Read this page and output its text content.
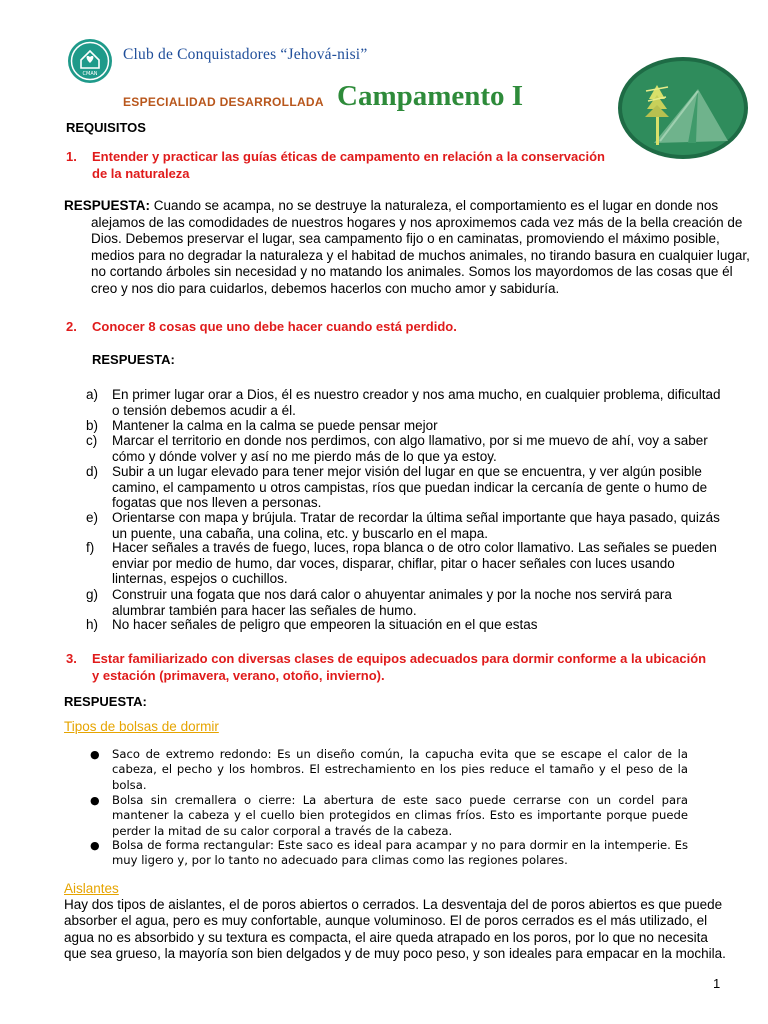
CMAN
Club de Conquistadores “Jehová-nisi”
ESPECIALIDAD DESARROLLADA Campamento I
REQUISITOS
1. Entender y practicar las guías éticas de campamento en relación a la conservación de la naturaleza
RESPUESTA: Cuando se acampa, no se destruye la naturaleza, el comportamiento es el lugar en donde nos alejamos de las comodidades de nuestros hogares y nos aproximemos cada vez más de la bella creación de Dios. Debemos preservar el lugar, sea campamento fijo o en caminatas, promoviendo el máximo posible, medios para no degradar la naturaleza y el habitad de muchos animales, no tirando basura en cualquier lugar, no cortando árboles sin necesidad y no matando los animales. Somos los mayordomos de las cosas que él creo y nos dio para cuidarlos, debemos hacerlos con mucho amor y sabiduría.
2. Conocer 8 cosas que uno debe hacer cuando está perdido.
RESPUESTA:
a) En primer lugar orar a Dios, él es nuestro creador y nos ama mucho, en cualquier problema, dificultad o tensión debemos acudir a él.
b) Mantener la calma en la calma se puede pensar mejor
c) Marcar el territorio en donde nos perdimos, con algo llamativo, por si me muevo de ahí, voy a saber cómo y dónde volver y así no me pierdo más de lo que ya estoy.
d) Subir a un lugar elevado para tener mejor visión del lugar en que se encuentra, y ver algún posible camino, el campamento u otros campistas, ríos que puedan indicar la cercanía de gente o humo de fogatas que nos lleven a personas.
e) Orientarse con mapa y brújula. Tratar de recordar la última señal importante que haya pasado, quizás un puente, una cabaña, una colina, etc. y buscarlo en el mapa.
f) Hacer señales a través de fuego, luces, ropa blanca o de otro color llamativo. Las señales se pueden enviar por medio de humo, dar voces, disparar, chiflar, pitar o hacer señales con luces usando linternas, espejos o cuchillos.
g) Construir una fogata que nos dará calor o ahuyentar animales y por la noche nos servirá para alumbrar también para hacer las señales de humo.
h) No hacer señales de peligro que empeoren la situación en el que estas
3. Estar familiarizado con diversas clases de equipos adecuados para dormir conforme a la ubicación y estación (primavera, verano, otoño, invierno).
RESPUESTA:
Tipos de bolsas de dormir
● Saco de extremo redondo: Es un diseño común, la capucha evita que se escape el calor de la cabeza, el pecho y los hombros. El estrechamiento en los pies reduce el tamaño y el peso de la bolsa.
● Bolsa sin cremallera o cierre: La abertura de este saco puede cerrarse con un cordel para mantener la cabeza y el cuello bien protegidos en climas fríos. Esto es importante porque puede perder la mitad de su calor corporal a través de la cabeza.
● Bolsa de forma rectangular: Este saco es ideal para acampar y no para dormir en la intemperie. Es muy ligero y, por lo tanto no adecuado para climas como las regiones polares.
Aislantes
Hay dos tipos de aislantes, el de poros abiertos o cerrados. La desventaja del de poros abiertos es que puede absorber el agua, pero es muy confortable, aunque voluminoso. El de poros cerrados es el más utilizado, el agua no es absorbido y su textura es compacta, el aire queda atrapado en los poros, por lo que no necesita que sea grueso, la mayoría son bien delgados y de muy poco peso, y son ideales para empacar en la mochila.
1
